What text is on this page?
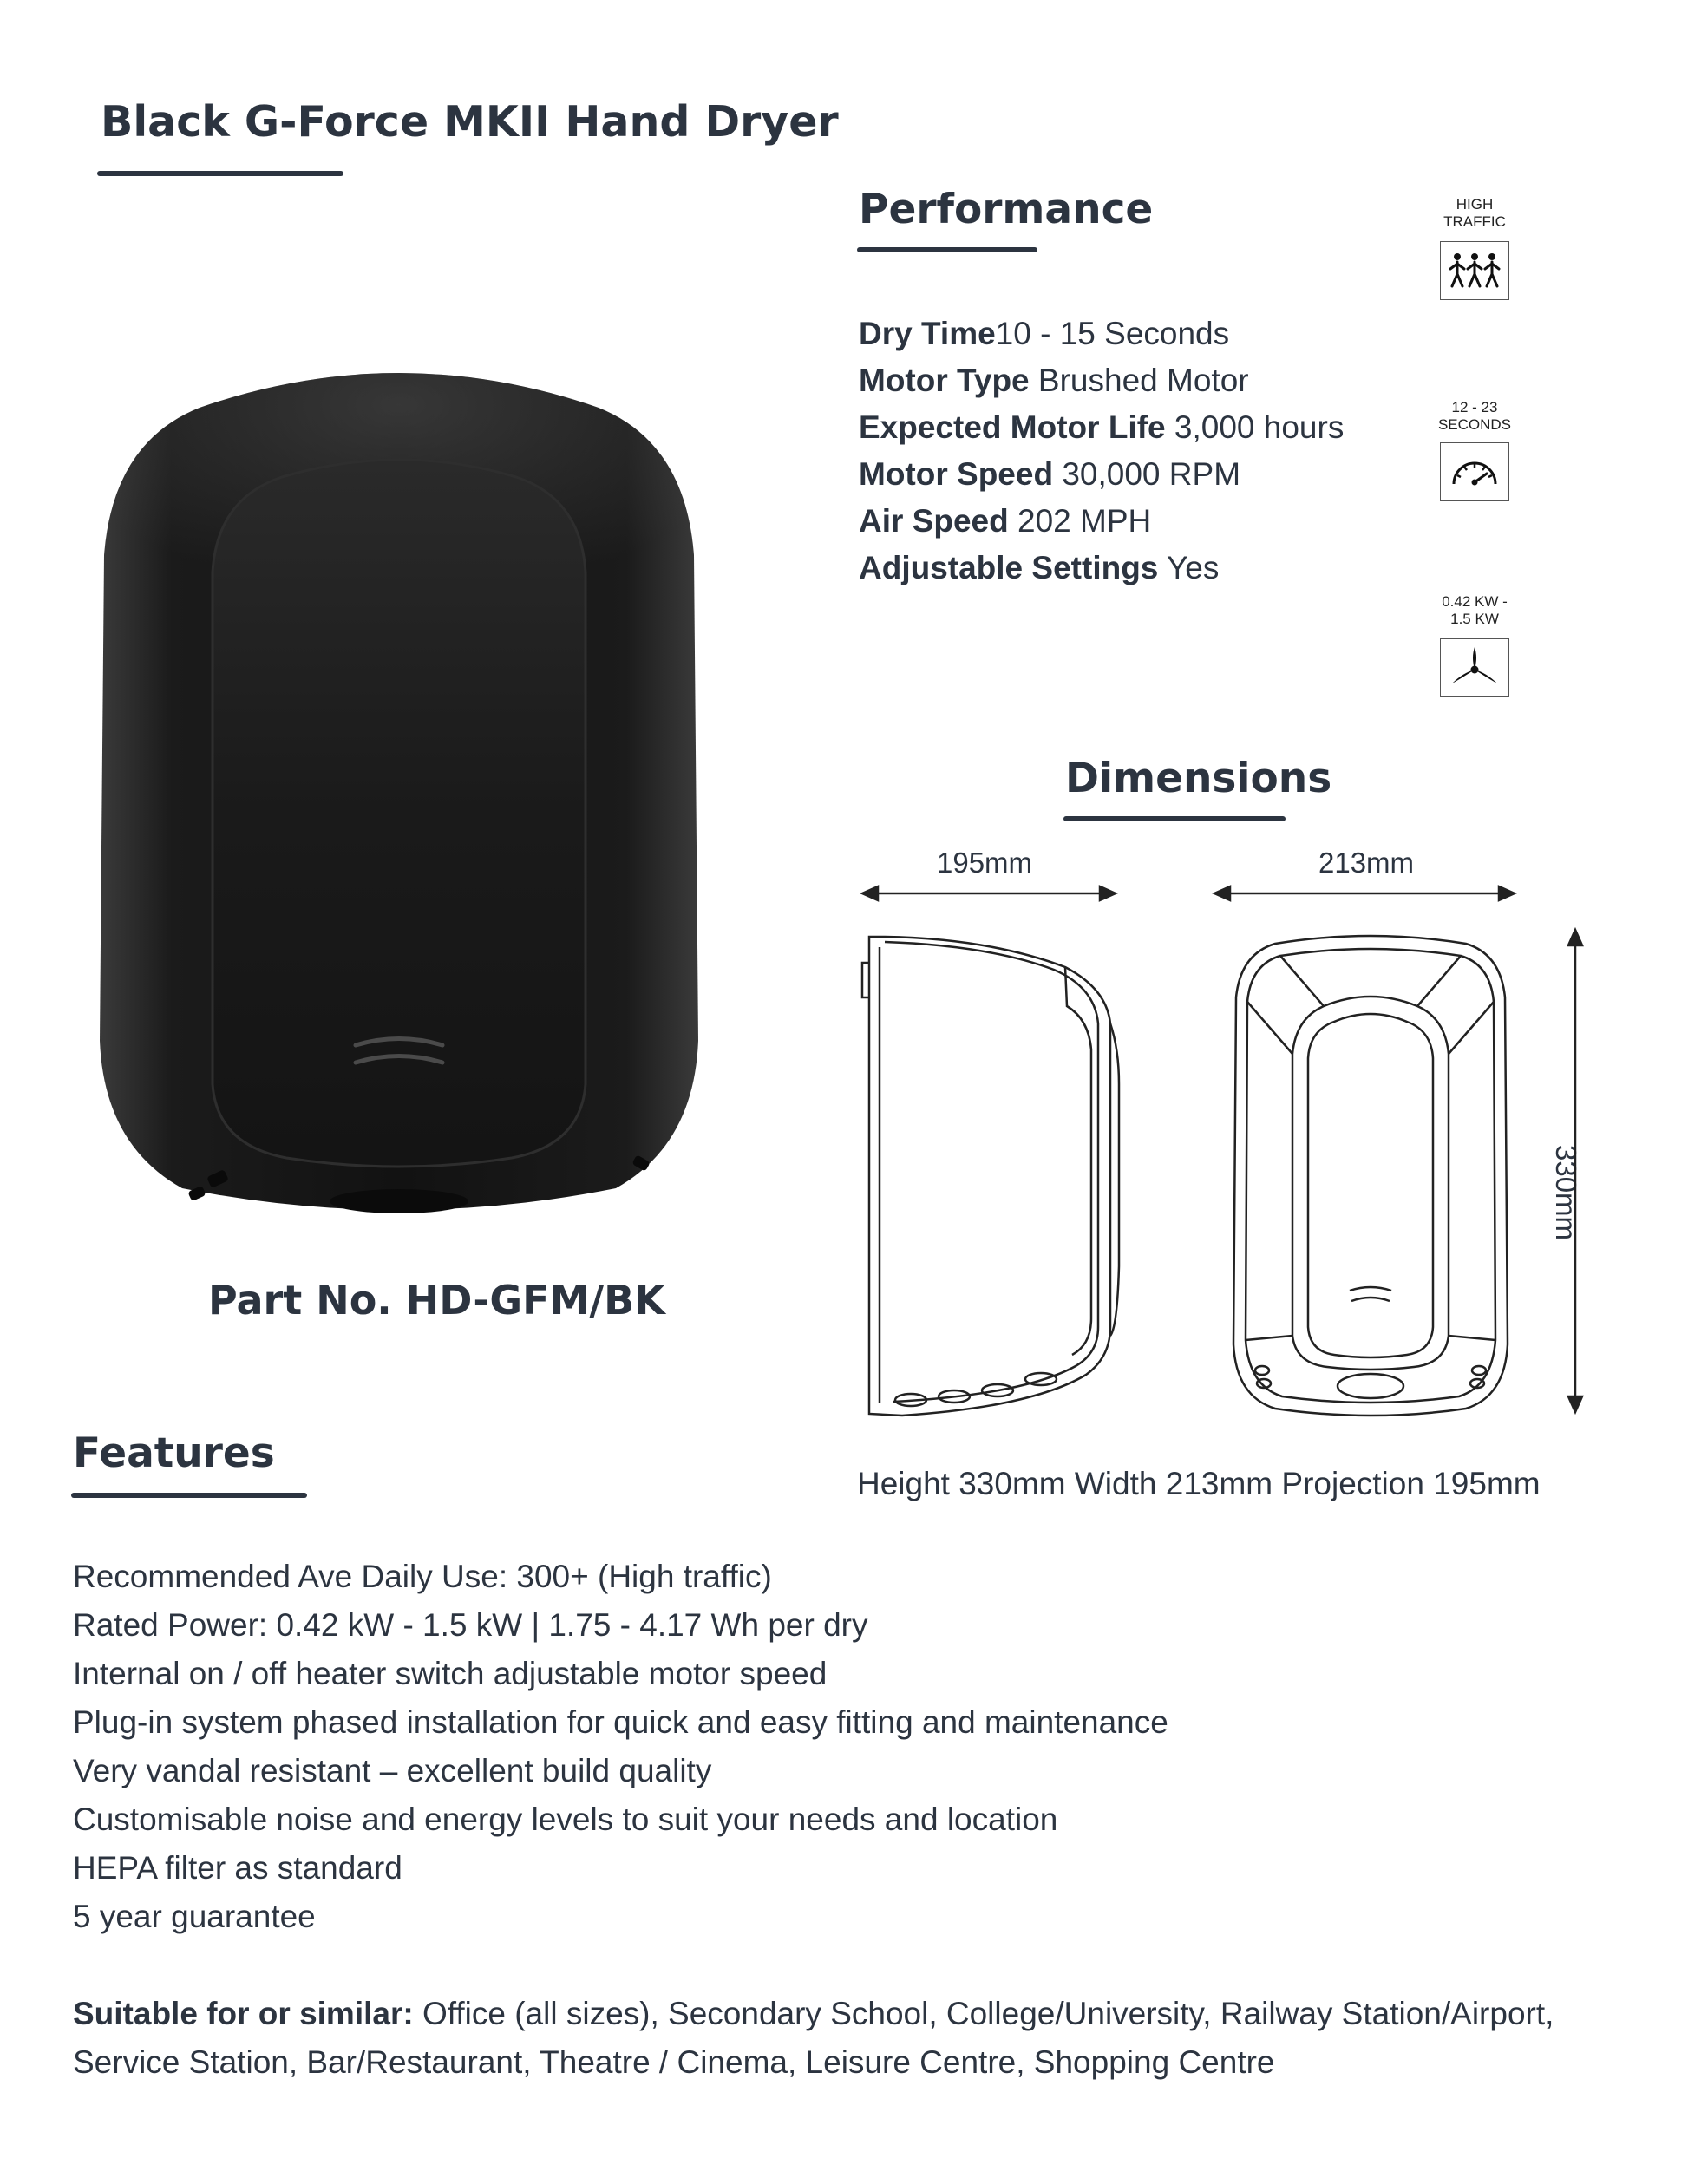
Black G-Force MKII Hand Dryer
Part No. HD-GFM/BK
Performance
Dry Time10 - 15 Seconds
Motor Type Brushed Motor
Expected Motor Life 3,000 hours
Motor Speed 30,000 RPM
Air Speed 202 MPH
Adjustable Settings Yes
HIGH
TRAFFIC
12 - 23
SECONDS
0.42 KW -
1.5 KW
Dimensions
195mm	213mm
330mm
Height 330mm Width 213mm Projection 195mm
Features
Recommended Ave Daily Use: 300+ (High traffic)
Rated Power: 0.42 kW - 1.5 kW | 1.75 - 4.17 Wh per dry
Internal on / off heater switch adjustable motor speed
Plug-in system phased installation for quick and easy fitting and maintenance
Very vandal resistant – excellent build quality
Customisable noise and energy levels to suit your needs and location
HEPA filter as standard
5 year guarantee
Suitable for or similar: Office (all sizes), Secondary School, College/University, Railway Station/Airport,
Service Station, Bar/Restaurant, Theatre / Cinema, Leisure Centre, Shopping Centre
